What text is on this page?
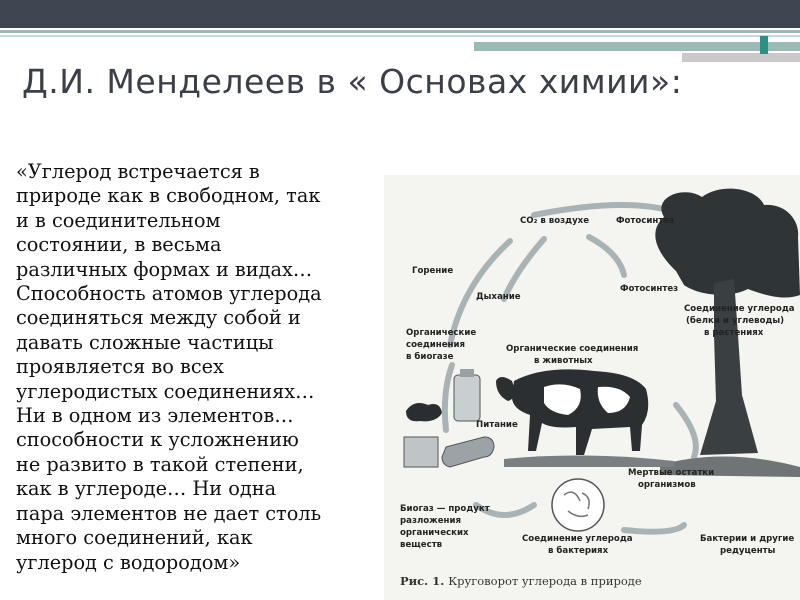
Д.И. Менделеев в « Основах химии»:
«Углерод встречается в
природе как в свободном, так
и в соединительном
состоянии, в весьма
различных формах и видах…
Способность атомов углерода
соединяться между собой и
давать сложные частицы
проявляется во всех
углеродистых соединениях…
Ни в одном из элементов…
способности к усложнению
не развито в такой степени,
как в углероде… Ни одна
пара элементов не дает столь
много соединений, как
углерод с водородом»
CO₂ в воздухе	Фотосинтез
Горение
Дыхание
Фотосинтез
Соединение углерода
(белки и углеводы)
в растениях
Органические
соединения
в биогазе
Органические соединения
в животных
Питание
Мертвые остатки
организмов
Биогаз — продукт
разложения
органических
веществ
Соединение углерода
в бактериях
Бактерии и другие
редуценты
Рис. 1. Круговорот углерода в природе
